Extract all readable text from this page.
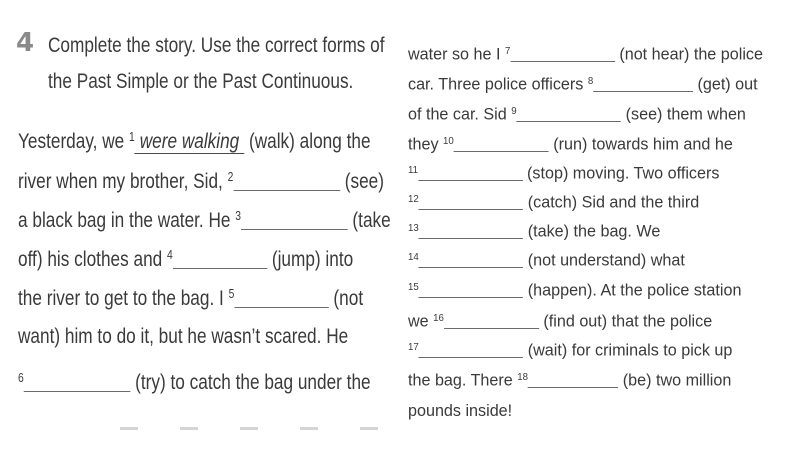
4 Complete the story. Use the correct forms of
the Past Simple or the Past Continuous.
Yesterday, we $^1$ were walking (walk) along the
river when my brother, Sid, $^2$	(see)
a black bag in the water. He $^3$	(take
off) his clothes and $^4$	(jump) into
the river to get to the bag. I $^5$	(not
want) him to do it, but he wasn’t scared. He
$^6$	(try) to catch the bag under the
water so he I $^7$	(not hear) the police
car. Three police officers $^8$	(get) out
of the car. Sid $^9$	(see) them when
they $^{10}$	(run) towards him and he
$^{11}$	(stop) moving. Two officers
$^{12}$	(catch) Sid and the third
$^{13}$	(take) the bag. We
$^{14}$	(not understand) what
$^{15}$	(happen). At the police station
we $^{16}$	(find out) that the police
$^{17}$	(wait) for criminals to pick up
the bag. There $^{18}$	(be) two million
pounds inside!
